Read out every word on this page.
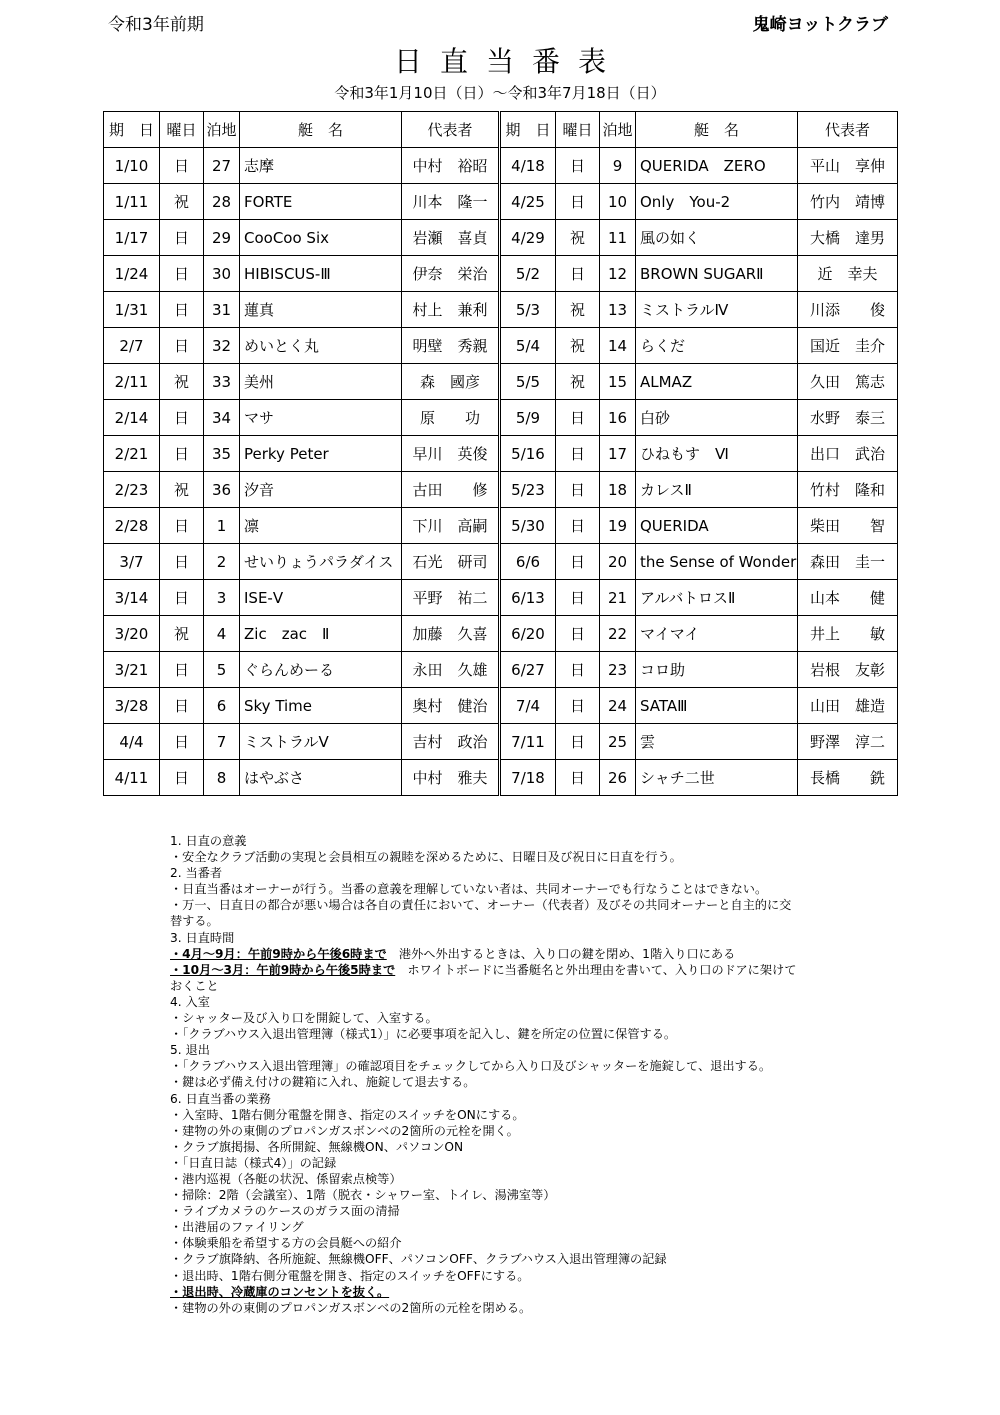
令和3年前期	鬼崎ヨットクラブ
日直当番表
令和3年1月10日（日）～令和3年7月18日（日）
期　日	曜日	泊地	艇　名	代表者	期　日	曜日	泊地	艇　名	代表者
1/10	日	27	志摩	中村　裕昭	4/18	日	9	QUERIDA　ZERO	平山　享伸
1/11	祝	28	FORTE	川本　隆一	4/25	日	10	Only　You-2	竹内　靖博
1/17	日	29	CooCoo Six	岩瀬　喜貞	4/29	祝	11	風の如く	大橋　達男
1/24	日	30	HIBISCUS-Ⅲ	伊奈　栄治	5/2	日	12	BROWN SUGARⅡ	近　幸夫
1/31	日	31	蓮真	村上　兼利	5/3	祝	13	ミストラルⅣ	川添　　俊
2/7	日	32	めいとく丸	明壁　秀親	5/4	祝	14	らくだ	国近　圭介
2/11	祝	33	美州	森　國彦	5/5	祝	15	ALMAZ	久田　篤志
2/14	日	34	マサ	原　　功	5/9	日	16	白砂	水野　泰三
2/21	日	35	Perky Peter	早川　英俊	5/16	日	17	ひねもす　Ⅵ	出口　武治
2/23	祝	36	汐音	古田　　修	5/23	日	18	カレスⅡ	竹村　隆和
2/28	日	1	凛	下川　高嗣	5/30	日	19	QUERIDA	柴田　　智
3/7	日	2	せいりょうパラダイス	石光　研司	6/6	日	20	the Sense of Wonder	森田　圭一
3/14	日	3	ISE-Ⅴ	平野　祐二	6/13	日	21	アルバトロスⅡ	山本　　健
3/20	祝	4	Zic　zac　Ⅱ	加藤　久喜	6/20	日	22	マイマイ	井上　　敏
3/21	日	5	ぐらんめーる	永田　久雄	6/27	日	23	コロ助	岩根　友彰
3/28	日	6	Sky Time	奥村　健治	7/4	日	24	SATAⅢ	山田　雄造
4/4	日	7	ミストラルⅤ	吉村　政治	7/11	日	25	雲	野澤　淳二
4/11	日	8	はやぶさ	中村　雅夫	7/18	日	26	シャチ二世	長橋　　銑
1. 日直の意義
・安全なクラブ活動の実現と会員相互の親睦を深めるために、日曜日及び祝日に日直を行う。
2. 当番者
・日直当番はオーナーが行う。当番の意義を理解していない者は、共同オーナーでも行なうことはできない。
・万一、日直日の都合が悪い場合は各自の責任において、オーナー（代表者）及びその共同オーナーと自主的に交
替する。
3. 日直時間
・4月～9月：午前9時から午後6時まで　港外へ外出するときは、入り口の鍵を閉め、1階入り口にある
・10月～3月：午前9時から午後5時まで　ホワイトボードに当番艇名と外出理由を書いて、入り口のドアに架けて
おくこと
4. 入室
・シャッター及び入り口を開錠して、入室する。
・「クラブハウス入退出管理簿（様式1）」に必要事項を記入し、鍵を所定の位置に保管する。
5. 退出
・「クラブハウス入退出管理簿」の確認項目をチェックしてから入り口及びシャッターを施錠して、退出する。
・鍵は必ず備え付けの鍵箱に入れ、施錠して退去する。
6. 日直当番の業務
・入室時、1階右側分電盤を開き、指定のスイッチをONにする。
・建物の外の東側のプロパンガスボンベの2箇所の元栓を開く。
・クラブ旗掲揚、各所開錠、無線機ON、パソコンON
・「日直日誌（様式4）」の記録
・港内巡視（各艇の状況、係留索点検等）
・掃除：2階（会議室）、1階（脱衣・シャワー室、トイレ、湯沸室等）
・ライブカメラのケースのガラス面の清掃
・出港届のファイリング
・体験乗船を希望する方の会員艇への紹介
・クラブ旗降納、各所施錠、無線機OFF、パソコンOFF、クラブハウス入退出管理簿の記録
・退出時、1階右側分電盤を開き、指定のスイッチをOFFにする。
・退出時、冷蔵庫のコンセントを抜く。
・建物の外の東側のプロパンガスボンベの2箇所の元栓を閉める。
